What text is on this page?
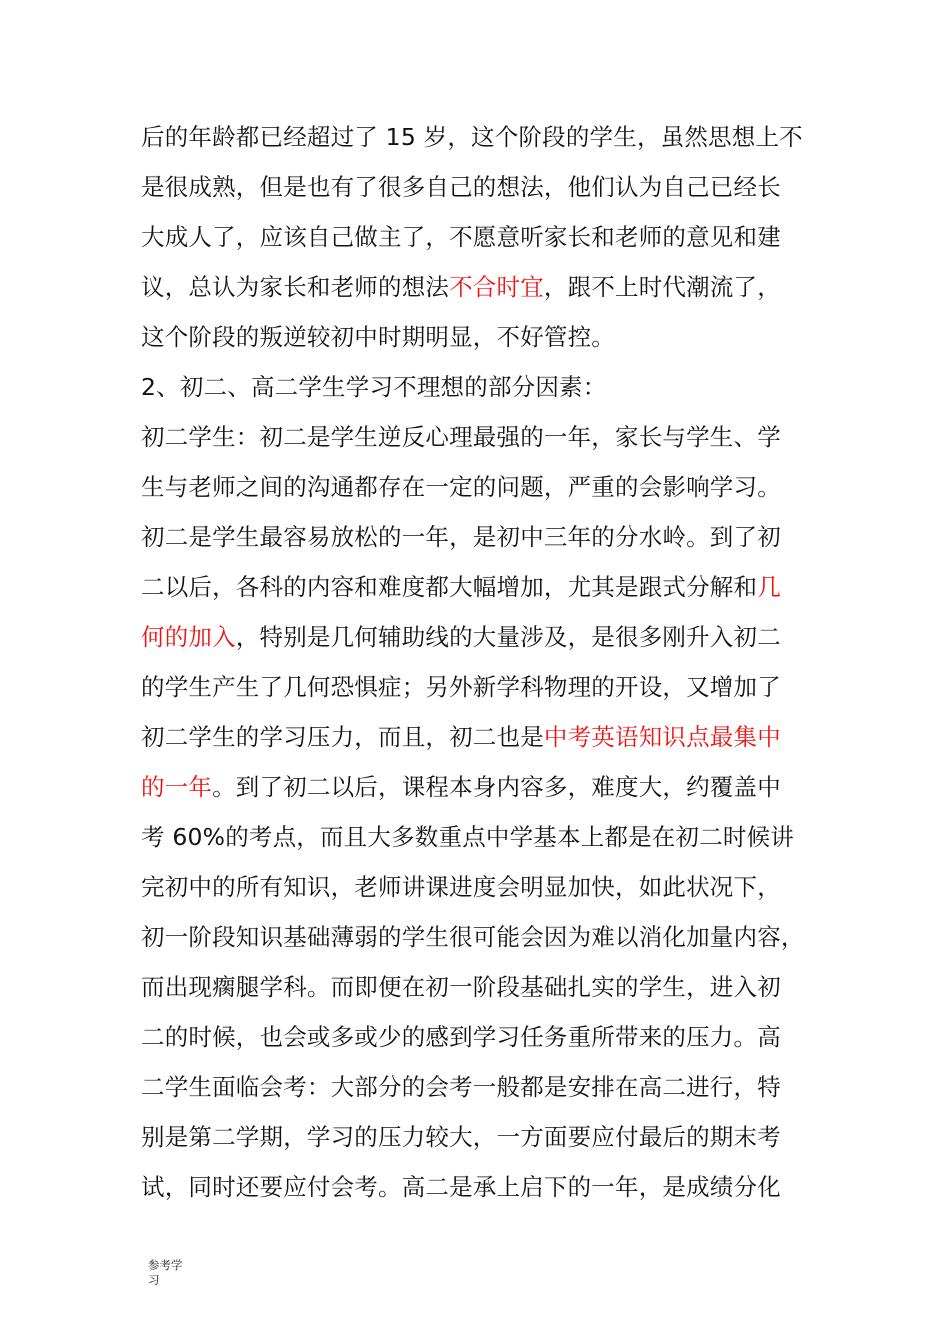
后的年龄都已经超过了 15 岁，这个阶段的学生，虽然思想上不
是很成熟，但是也有了很多自己的想法，他们认为自己已经长
大成人了，应该自己做主了，不愿意听家长和老师的意见和建
议，总认为家长和老师的想法不合时宜，跟不上时代潮流了，
这个阶段的叛逆较初中时期明显，不好管控。
2、初二、高二学生学习不理想的部分因素：
初二学生：初二是学生逆反心理最强的一年，家长与学生、学
生与老师之间的沟通都存在一定的问题，严重的会影响学习。
初二是学生最容易放松的一年，是初中三年的分水岭。到了初
二以后，各科的内容和难度都大幅增加，尤其是跟式分解和几
何的加入，特别是几何辅助线的大量涉及，是很多刚升入初二
的学生产生了几何恐惧症；另外新学科物理的开设，又增加了
初二学生的学习压力，而且，初二也是中考英语知识点最集中
的一年。到了初二以后，课程本身内容多，难度大，约覆盖中
考 60%的考点，而且大多数重点中学基本上都是在初二时候讲
完初中的所有知识，老师讲课进度会明显加快，如此状况下，
初一阶段知识基础薄弱的学生很可能会因为难以消化加量内容，
而出现瘸腿学科。而即便在初一阶段基础扎实的学生，进入初
二的时候，也会或多或少的感到学习任务重所带来的压力。高
二学生面临会考：大部分的会考一般都是安排在高二进行，特
别是第二学期，学习的压力较大，一方面要应付最后的期末考
试，同时还要应付会考。高二是承上启下的一年，是成绩分化
参考学
习
